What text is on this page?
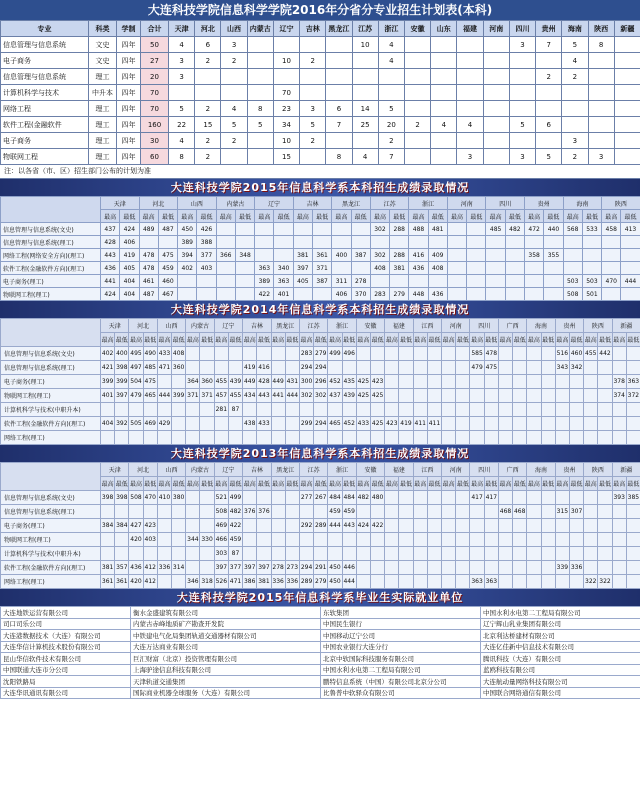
大连科技学院信息科学学院2016年分省分专业招生计划表(本科)
专业	科类	学制	合计	天津	河北	山西	内蒙古	辽宁	吉林	黑龙江	江苏	浙江	安徽	山东	福建	河南	四川	贵州	海南	陕西	新疆
信息管理与信息系统	文史	四年	50	4	6	3					10	4					3	7	5	8	
电子商务	文史	四年	27	3	2	2		10	2			4							4		
信息管理与信息系统	理工	四年	20	3														2	2		
计算机科学与技术	中升本	四年	70					70													
网络工程	理工	四年	70	5	2	4	8	23	3	6	14	5									
软件工程(金融软件	理工	四年	160	22	15	5	5	34	5	7	25	20	2	4	4		5	6			
电子商务	理工	四年	30	4	2	2		10	2			2							3		
物联网工程	理工	四年	60	8	2			15		8	4	7			3		3	5	2	3	
注：以各省（市、区）招生部门公布的计划为准
大连科技学院2015年信息科学系本科招生成绩录取情况
	天津		河北		山西		内蒙古		辽宁		吉林		黑龙江		江苏		浙江		河南		四川		贵州		海南		陕西	
	最高	最低	最高	最低	最高	最低	最高	最低	最高	最低	最高	最低	最高	最低	最高	最低	最高	最低	最高	最低	最高	最低	最高	最低	最高	最低	最高	最低
信息管理与信息系统(文史)	437	424	489	487	450	426									302	288	488	481			485	482	472	440	568	533	458	413
信息管理与信息系统(理工)	428	406			389	388																						
网络工程(网络安全方向)(理工)	443	419	478	475	394	377	366	348			381	361	400	387	302	288	416	409					358	355				
软件工程(金融软件方向)(理工)	436	405	478	459	402	403			363	340	397	371			408	381	436	408										
电子商务(理工)	441	404	461	460					389	363	405	387	311	278											503	503	470	444
物联网工程(理工)	424	404	487	467					422	401			406	370	283	279	448	436							508	501		
大连科技学院2014年信息科学系本科招生成绩录取情况
	天津		河北		山西		内蒙古		辽宁		吉林		黑龙江		江苏		浙江		安徽		福建		江西		河南		四川		广西		海南		贵州		陕西		新疆	
	最高	最低	最高	最低	最高	最低	最高	最低	最高	最低	最高	最低	最高	最低	最高	最低	最高	最低	最高	最低	最高	最低	最高	最低	最高	最低	最高	最低	最高	最低	最高	最低	最高	最低	最高	最低	最高	最低
信息管理与信息系统(文史)	402	400	495	490	433	408									283	279	499	496									585	478					516	460	455	442		
信息管理与信息系统(理工)	421	398	497	485	471	360					419	416			294	294											479	475					343	342				
电子商务(理工)	399	399	504	475			364	360	455	439	449	428	449	431	300	296	452	435	425	423																	378	363
物联网工程(理工)	401	397	479	465	444	399	371	371	457	455	434	443	441	444	302	302	437	439	425	425																	374	372
计算机科学与技术(中职升本)									281	87																												
软件工程(金融软件方向)(理工)	404	392	505	469	429						438	433			299	294	465	452	433	425	423	419	411	411														
网络工程(理工)																																						
大连科技学院2013年信息科学系本科招生成绩录取情况
	天津		河北		山西		内蒙古		辽宁		吉林		黑龙江		江苏		浙江		安徽		福建		江西		河南		四川		广西		海南		贵州		陕西		新疆	
	最高	最低	最高	最低	最高	最低	最高	最低	最高	最低	最高	最低	最高	最低	最高	最低	最高	最低	最高	最低	最高	最低	最高	最低	最高	最低	最高	最低	最高	最低	最高	最低	最高	最低	最高	最低	最高	最低
信息管理与信息系统(文史)	398	398	508	470	410	380			521	499					277	267	484	484	482	480							417	417									393	385
信息管理与信息系统(理工)									508	482	376	376					459	459											468	468			315	307				
电子商务(理工)	384	384	427	423					469	422					292	289	444	443	424	422																		
物联网工程(理工)			420	403			344	330	466	459																												
计算机科学与技术(中职升本)									303	87																												
软件工程(金融软件方向)(理工)	381	357	436	412	336	314			397	377	397	397	278	273	294	291	450	446															339	336				
网络工程(理工)	361	361	420	412			346	318	526	471	386	381	336	336	289	279	450	444									363	363							322	322		
大连科技学院2015年信息科学系毕业生实际就业单位
大连地铁运营有限公司	衡水金盛建筑有限公司	东软集团	中国水利水电第二工程局有限公司
司口司乐公司	内蒙古赤峰地质矿产勘查开发院	中国民生银行	辽宁辉山乳业集团有限公司
大连港数据技术（大连）有限公司	中铁建电气化局集团轨道交通器材有限公司	中国移动辽宁公司	北京利达桥建材有限公司
大连华信计算机技术股份有限公司	大连万达商业有限公司	中国农业银行大连分行	大连亿佳新中信息技术有限公司
昆山华信软件技术有限公司	巨汇财富（北京）投资管理有限公司	北京中软国际科技服务有限公司	腾讯科技（大连）有限公司
中国联通大连市分公司	上海驴途信息科技有限公司	中国水利水电第二工程局有限公司	蓝鸥科技有限公司
沈阳铁路局	天津轨道交通集团	鹏特信息系统（中国）有限公司北京分公司	大连航动量网络科技有限公司
大连华讯通讯有限公司	国际商业机器全球服务（大连）有限公司	比鲁普中软驿众有限公司	中国联合网络通信有限公司
